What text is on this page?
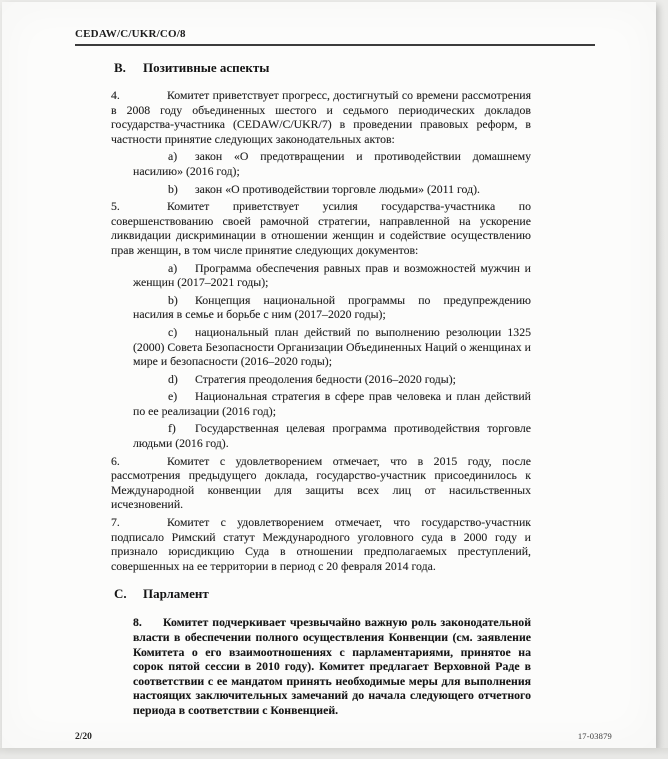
CEDAW/C/UKR/CO/8
B. Позитивные аспекты

4.	Комитет приветствует прогресс, достигнутый со времени рассмотрения в 2008 году объединенных шестого и седьмого периодических докладов государства-участника (CEDAW/C/UKR/7) в проведении правовых реформ, в частности принятие следующих законодательных актов:

a) закон «О предотвращении и противодействии домашнему насилию» (2016 год);

b) закон «О противодействии торговле людьми» (2011 год).

5.	Комитет приветствует усилия государства-участника по совершенствованию своей рамочной стратегии, направленной на ускорение ликвидации дискриминации в отношении женщин и содействие осуществлению прав женщин, в том числе принятие следующих документов:

a) Программа обеспечения равных прав и возможностей мужчин и женщин (2017–2021 годы);

b) Концепция национальной программы по предупреждению насилия в семье и борьбе с ним (2017–2020 годы);

c) национальный план действий по выполнению резолюции 1325 (2000) Совета Безопасности Организации Объединенных Наций о женщинах и мире и безопасности (2016–2020 годы);

d) Стратегия преодоления бедности (2016–2020 годы);

e) Национальная стратегия в сфере прав человека и план действий по ее реализации (2016 год);

f) Государственная целевая программа противодействия торговле людьми (2016 год).

6.	Комитет с удовлетворением отмечает, что в 2015 году, после рассмотрения предыдущего доклада, государство-участник присоединилось к Международной конвенции для защиты всех лиц от насильственных исчезновений.

7.	Комитет с удовлетворением отмечает, что государство-участник подписало Римский статут Международного уголовного суда в 2000 году и признало юрисдикцию Суда в отношении предполагаемых преступлений, совершенных на ее территории в период с 20 февраля 2014 года.

C. Парламент

8. Комитет подчеркивает чрезвычайно важную роль законодательной власти в обеспечении полного осуществления Конвенции (см. заявление Комитета о его взаимоотношениях с парламентариями, принятое на сорок пятой сессии в 2010 году). Комитет предлагает Верховной Раде в соответствии с ее мандатом принять необходимые меры для выполнения настоящих заключительных замечаний до начала следующего отчетного периода в соответствии с Конвенцией.

2/20	17-03879
